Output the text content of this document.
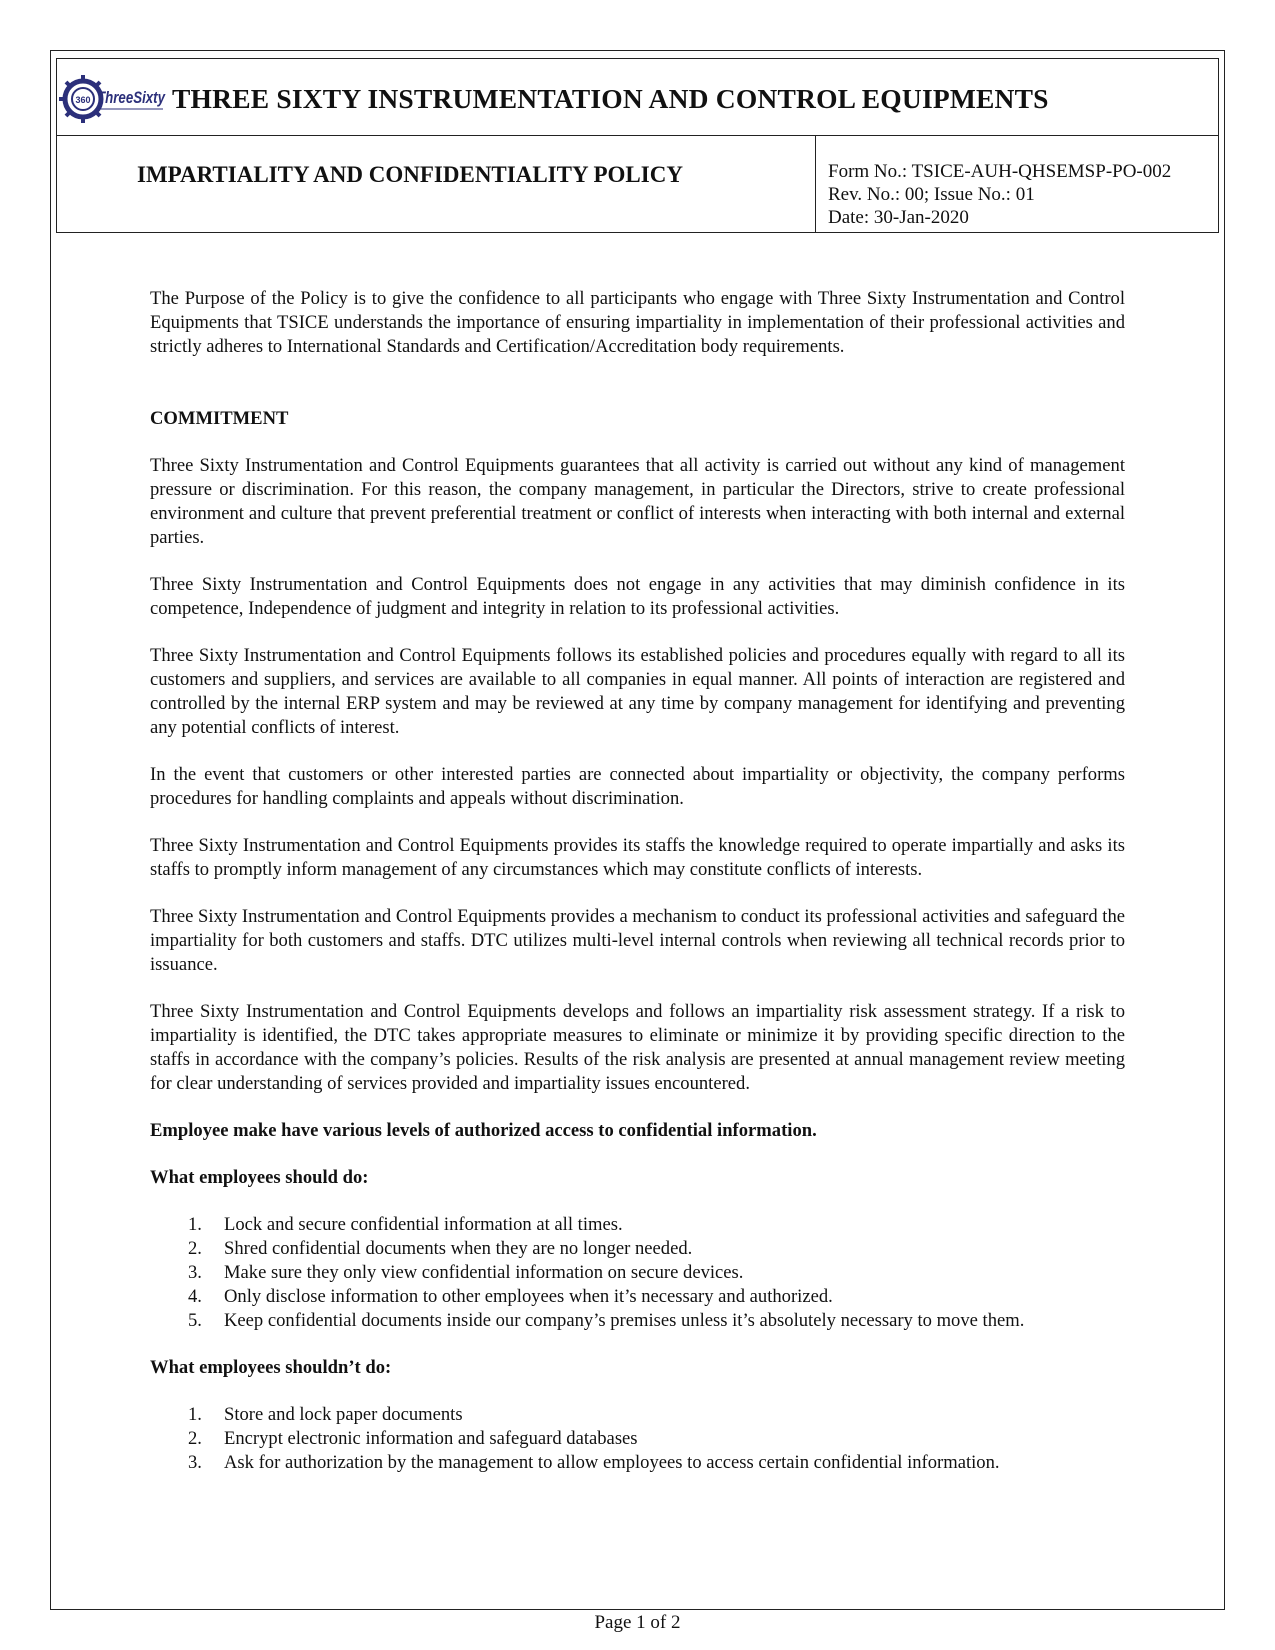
360 ThreeSixty THREE SIXTY INSTRUMENTATION AND CONTROL EQUIPMENTS
IMPARTIALITY AND CONFIDENTIALITY POLICY	Form No.: TSICE-AUH-QHSEMSP-PO-002
Rev. No.: 00; Issue No.: 01
Date: 30-Jan-2020

The Purpose of the Policy is to give the confidence to all participants who engage with Three Sixty Instrumentation and Control Equipments that TSICE understands the importance of ensuring impartiality in implementation of their professional activities and strictly adheres to International Standards and Certification/Accreditation body requirements.

COMMITMENT

Three Sixty Instrumentation and Control Equipments guarantees that all activity is carried out without any kind of management pressure or discrimination. For this reason, the company management, in particular the Directors, strive to create professional environment and culture that prevent preferential treatment or conflict of interests when interacting with both internal and external parties.

Three Sixty Instrumentation and Control Equipments does not engage in any activities that may diminish confidence in its competence, Independence of judgment and integrity in relation to its professional activities.

Three Sixty Instrumentation and Control Equipments follows its established policies and procedures equally with regard to all its customers and suppliers, and services are available to all companies in equal manner. All points of interaction are registered and controlled by the internal ERP system and may be reviewed at any time by company management for identifying and preventing any potential conflicts of interest.

In the event that customers or other interested parties are connected about impartiality or objectivity, the company performs procedures for handling complaints and appeals without discrimination.

Three Sixty Instrumentation and Control Equipments provides its staffs the knowledge required to operate impartially and asks its staffs to promptly inform management of any circumstances which may constitute conflicts of interests.

Three Sixty Instrumentation and Control Equipments provides a mechanism to conduct its professional activities and safeguard the impartiality for both customers and staffs. DTC utilizes multi-level internal controls when reviewing all technical records prior to issuance.

Three Sixty Instrumentation and Control Equipments develops and follows an impartiality risk assessment strategy. If a risk to impartiality is identified, the DTC takes appropriate measures to eliminate or minimize it by providing specific direction to the staffs in accordance with the company’s policies. Results of the risk analysis are presented at annual management review meeting for clear understanding of services provided and impartiality issues encountered.

Employee make have various levels of authorized access to confidential information.

What employees should do:

1. Lock and secure confidential information at all times.
2. Shred confidential documents when they are no longer needed.
3. Make sure they only view confidential information on secure devices.
4. Only disclose information to other employees when it’s necessary and authorized.
5. Keep confidential documents inside our company’s premises unless it’s absolutely necessary to move them.

What employees shouldn’t do:

1. Store and lock paper documents
2. Encrypt electronic information and safeguard databases
3. Ask for authorization by the management to allow employees to access certain confidential information.
Page 1 of 2
